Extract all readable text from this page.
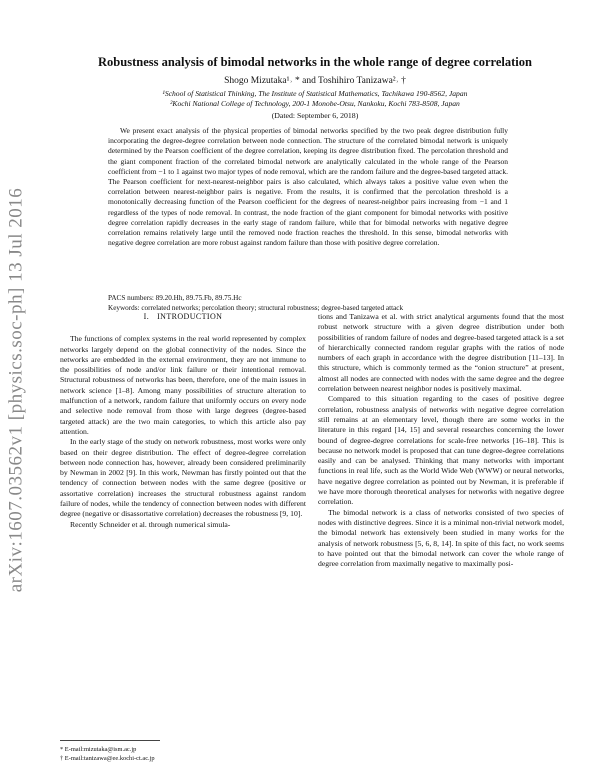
arXiv:1607.03562v1 [physics.soc-ph] 13 Jul 2016
Robustness analysis of bimodal networks in the whole range of degree correlation
Shogo Mizutaka¹˒ * and Toshihiro Tanizawa²˒ †
¹School of Statistical Thinking, The Institute of Statistical Mathematics, Tachikawa 190-8562, Japan
²Kochi National College of Technology, 200-1 Monobe-Otsu, Nankoku, Kochi 783-8508, Japan
(Dated: September 6, 2018)
We present exact analysis of the physical properties of bimodal networks specified by the two peak degree distribution fully incorporating the degree-degree correlation between node connection. The structure of the correlated bimodal network is uniquely determined by the Pearson coefficient of the degree correlation, keeping its degree distribution fixed. The percolation threshold and the giant component fraction of the correlated bimodal network are analytically calculated in the whole range of the Pearson coefficient from −1 to 1 against two major types of node removal, which are the random failure and the degree-based targeted attack. The Pearson coefficient for next-nearest-neighbor pairs is also calculated, which always takes a positive value even when the correlation between nearest-neighbor pairs is negative. From the results, it is confirmed that the percolation threshold is a monotonically decreasing function of the Pearson coefficient for the degrees of nearest-neighbor pairs increasing from −1 and 1 regardless of the types of node removal. In contrast, the node fraction of the giant component for bimodal networks with positive degree correlation rapidly decreases in the early stage of random failure, while that for bimodal networks with negative degree correlation remains relatively large until the removed node fraction reaches the threshold. In this sense, bimodal networks with negative degree correlation are more robust against random failure than those with positive degree correlation.
PACS numbers: 89.20.Hh, 89.75.Fb, 89.75.Hc
Keywords: correlated networks; percolation theory; structural robustness; degree-based targeted attack
I. INTRODUCTION

The functions of complex systems in the real world represented by complex networks largely depend on the global connectivity of the nodes. Since the networks are embedded in the external environment, they are not immune to the possibilities of node and/or link failure or their intentional removal. Structural robustness of networks has been, therefore, one of the main issues in network science [1–8]. Among many possibilities of structure alteration to malfunction of a network, random failure that uniformly occurs on every node and selective node removal from those with large degrees (degree-based targeted attack) are the two main categories, to which this article also pay attention.

In the early stage of the study on network robustness, most works were only based on their degree distribution. The effect of degree-degree correlation between node connection has, however, already been considered preliminarily by Newman in 2002 [9]. In this work, Newman has firstly pointed out that the tendency of connection between nodes with the same degree (positive or assortative correlation) increases the structural robustness against random failure of nodes, while the tendency of connection between nodes with different degree (negative or disassortative correlation) decreases the robustness [9, 10].

Recently Schneider et al. through numerical simula-

tions and Tanizawa et al. with strict analytical arguments found that the most robust network structure with a given degree distribution under both possibilities of random failure of nodes and degree-based targeted attack is a set of hierarchically connected random regular graphs with the ratios of node numbers of each graph in accordance with the degree distribution [11–13]. In this structure, which is commonly termed as the “onion structure” at present, almost all nodes are connected with nodes with the same degree and the degree correlation between nearest neighbor nodes is positively maximal.

Compared to this situation regarding to the cases of positive degree correlation, robustness analysis of networks with negative degree correlation still remains at an elementary level, though there are some works in the literature in this regard [14, 15] and several researches concerning the lower bound of degree-degree correlations for scale-free networks [16–18]. This is because no network model is proposed that can tune degree-degree correlations easily and can be analysed. Thinking that many networks with important functions in real life, such as the World Wide Web (WWW) or neural networks, have negative degree correlation as pointed out by Newman, it is preferable if we have more thorough theoretical analyses for networks with negative degree correlation.

The bimodal network is a class of networks consisted of two species of nodes with distinctive degrees. Since it is a minimal non-trivial network model, the bimodal network has extensively been studied in many works for the analysis of network robustness [5, 6, 8, 14]. In spite of this fact, no work seems to have pointed out that the bimodal network can cover the whole range of degree correlation from maximally negative to maximally posi-

* E-mail:mizutaka@ism.ac.jp
† E-mail:tanizawa@ee.kochi-ct.ac.jp
